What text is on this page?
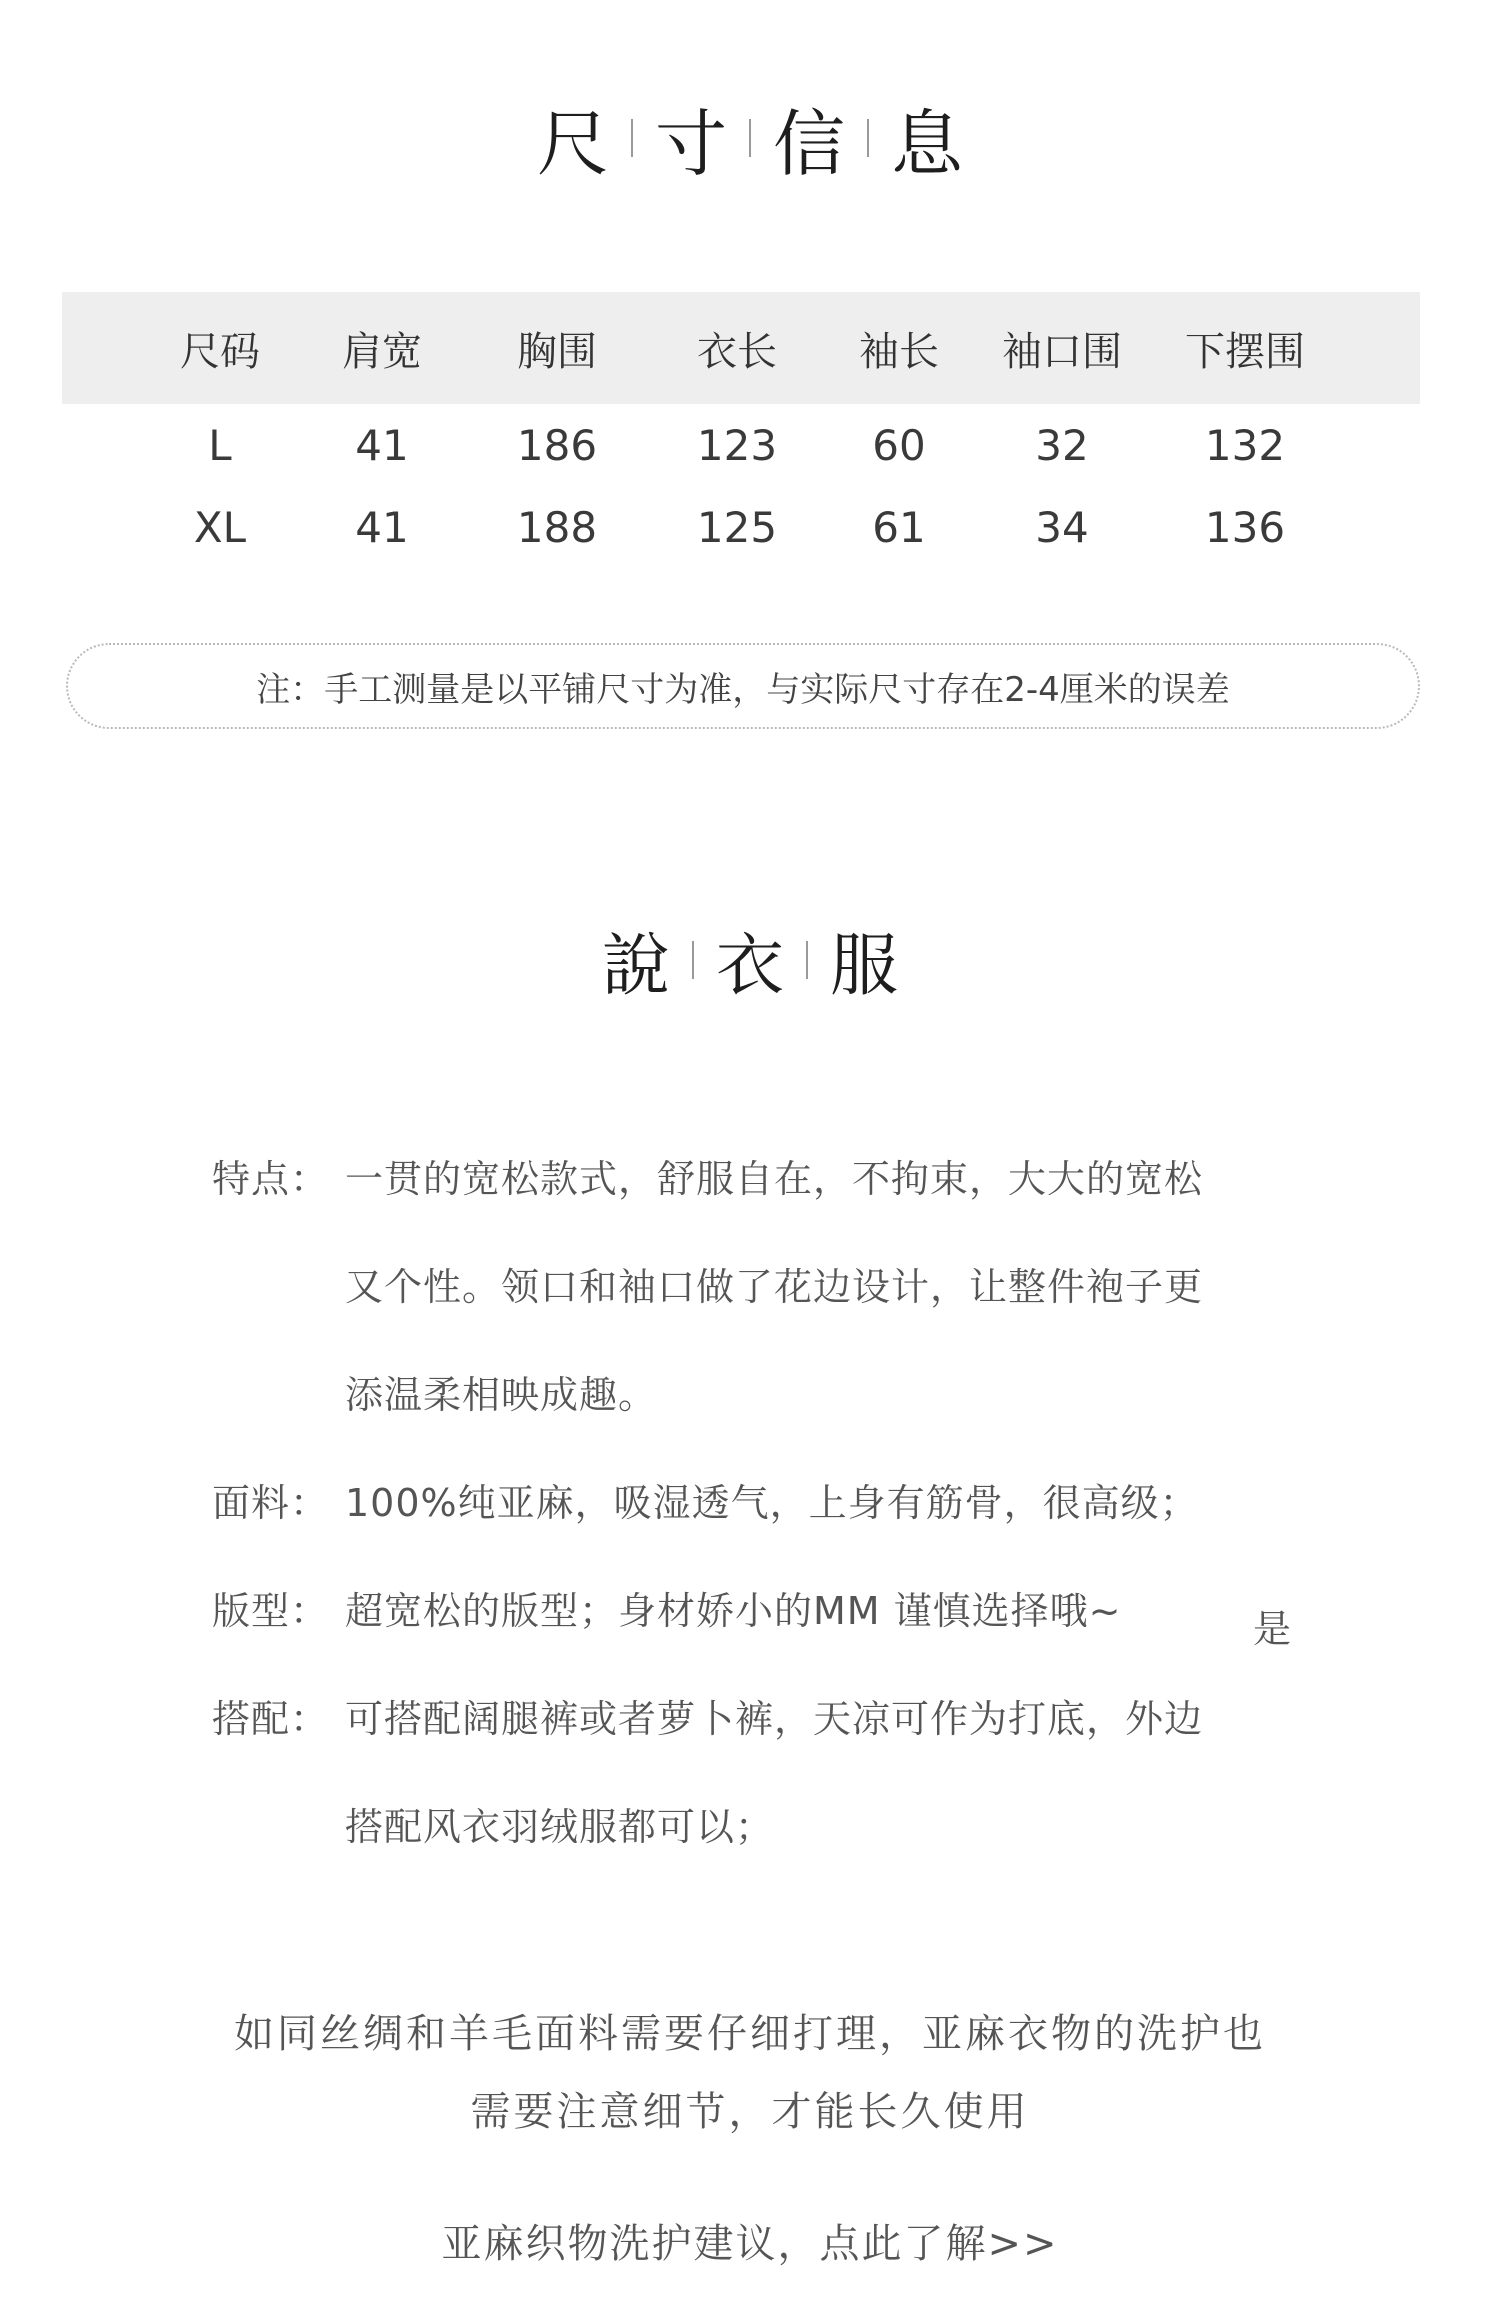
尺 寸 信 息
尺码	肩宽	胸围	衣长	袖长	袖口围	下摆围
L	41	186	123	60	32	132
XL	41	188	125	61	34	136
注：手工测量是以平铺尺寸为准，与实际尺寸存在2-4厘米的误差
說 衣 服
特点： 一贯的宽松款式，舒服自在，不拘束，大大的宽松
又个性。领口和袖口做了花边设计，让整件袍子更
添温柔相映成趣。
面料： 100%纯亚麻，吸湿透气，上身有筋骨，很高级；
版型： 超宽松的版型；身材娇小的MM 谨慎选择哦~	是
搭配： 可搭配阔腿裤或者萝卜裤，天凉可作为打底，外边
搭配风衣羽绒服都可以；
如同丝绸和羊毛面料需要仔细打理，亚麻衣物的洗护也
需要注意细节，才能长久使用
亚麻织物洗护建议，点此了解>>
